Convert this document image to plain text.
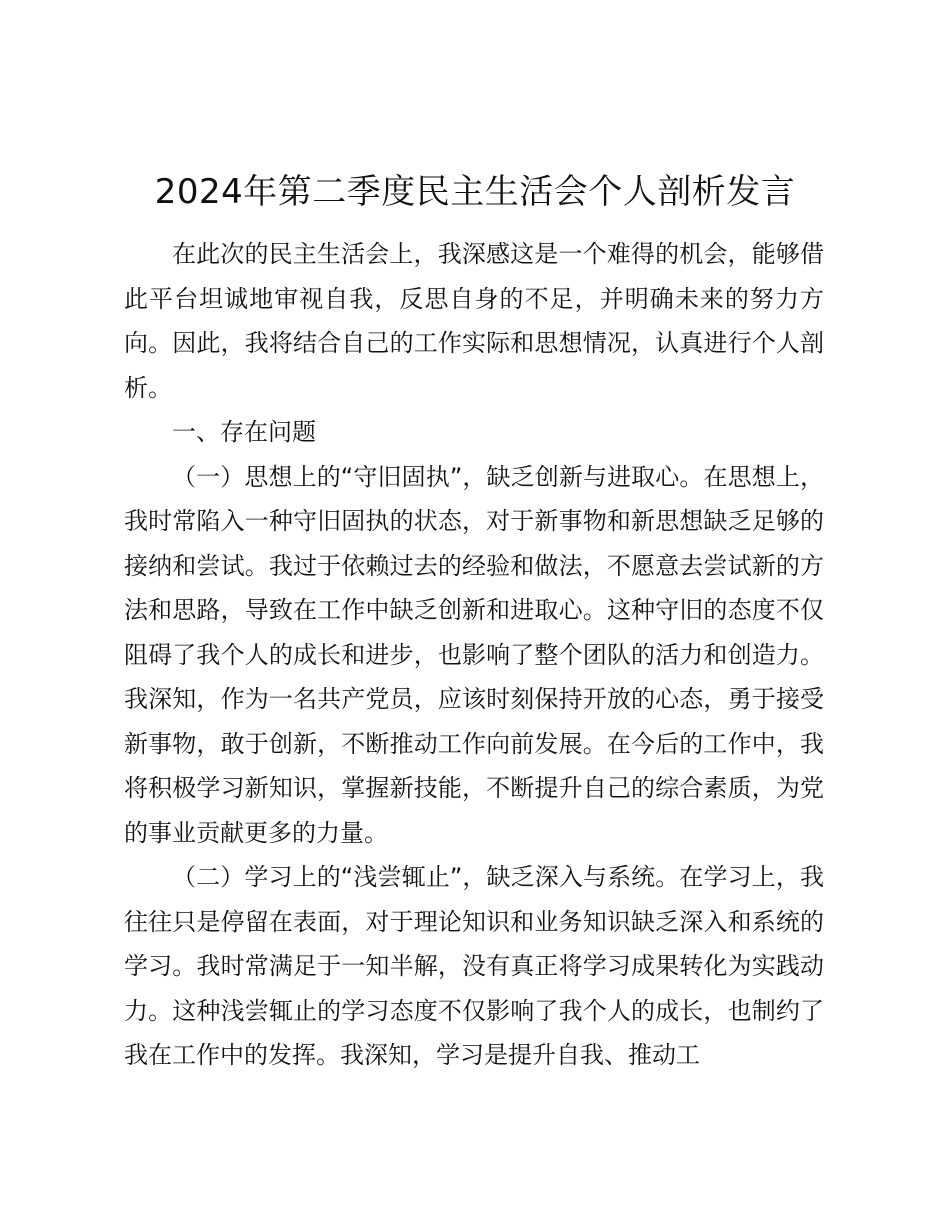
2024年第二季度民主生活会个人剖析发言

在此次的民主生活会上，我深感这是一个难得的机会，能够借此平台坦诚地审视自我，反思自身的不足，并明确未来的努力方向。因此，我将结合自己的工作实际和思想情况，认真进行个人剖析。

一、存在问题

（一）思想上的“守旧固执”，缺乏创新与进取心。在思想上，我时常陷入一种守旧固执的状态，对于新事物和新思想缺乏足够的接纳和尝试。我过于依赖过去的经验和做法，不愿意去尝试新的方法和思路，导致在工作中缺乏创新和进取心。这种守旧的态度不仅阻碍了我个人的成长和进步，也影响了整个团队的活力和创造力。我深知，作为一名共产党员，应该时刻保持开放的心态，勇于接受新事物，敢于创新，不断推动工作向前发展。在今后的工作中，我将积极学习新知识，掌握新技能，不断提升自己的综合素质，为党的事业贡献更多的力量。

（二）学习上的“浅尝辄止”，缺乏深入与系统。在学习上，我往往只是停留在表面，对于理论知识和业务知识缺乏深入和系统的学习。我时常满足于一知半解，没有真正将学习成果转化为实践动力。这种浅尝辄止的学习态度不仅影响了我个人的成长，也制约了我在工作中的发挥。我深知，学习是提升自我、推动工
